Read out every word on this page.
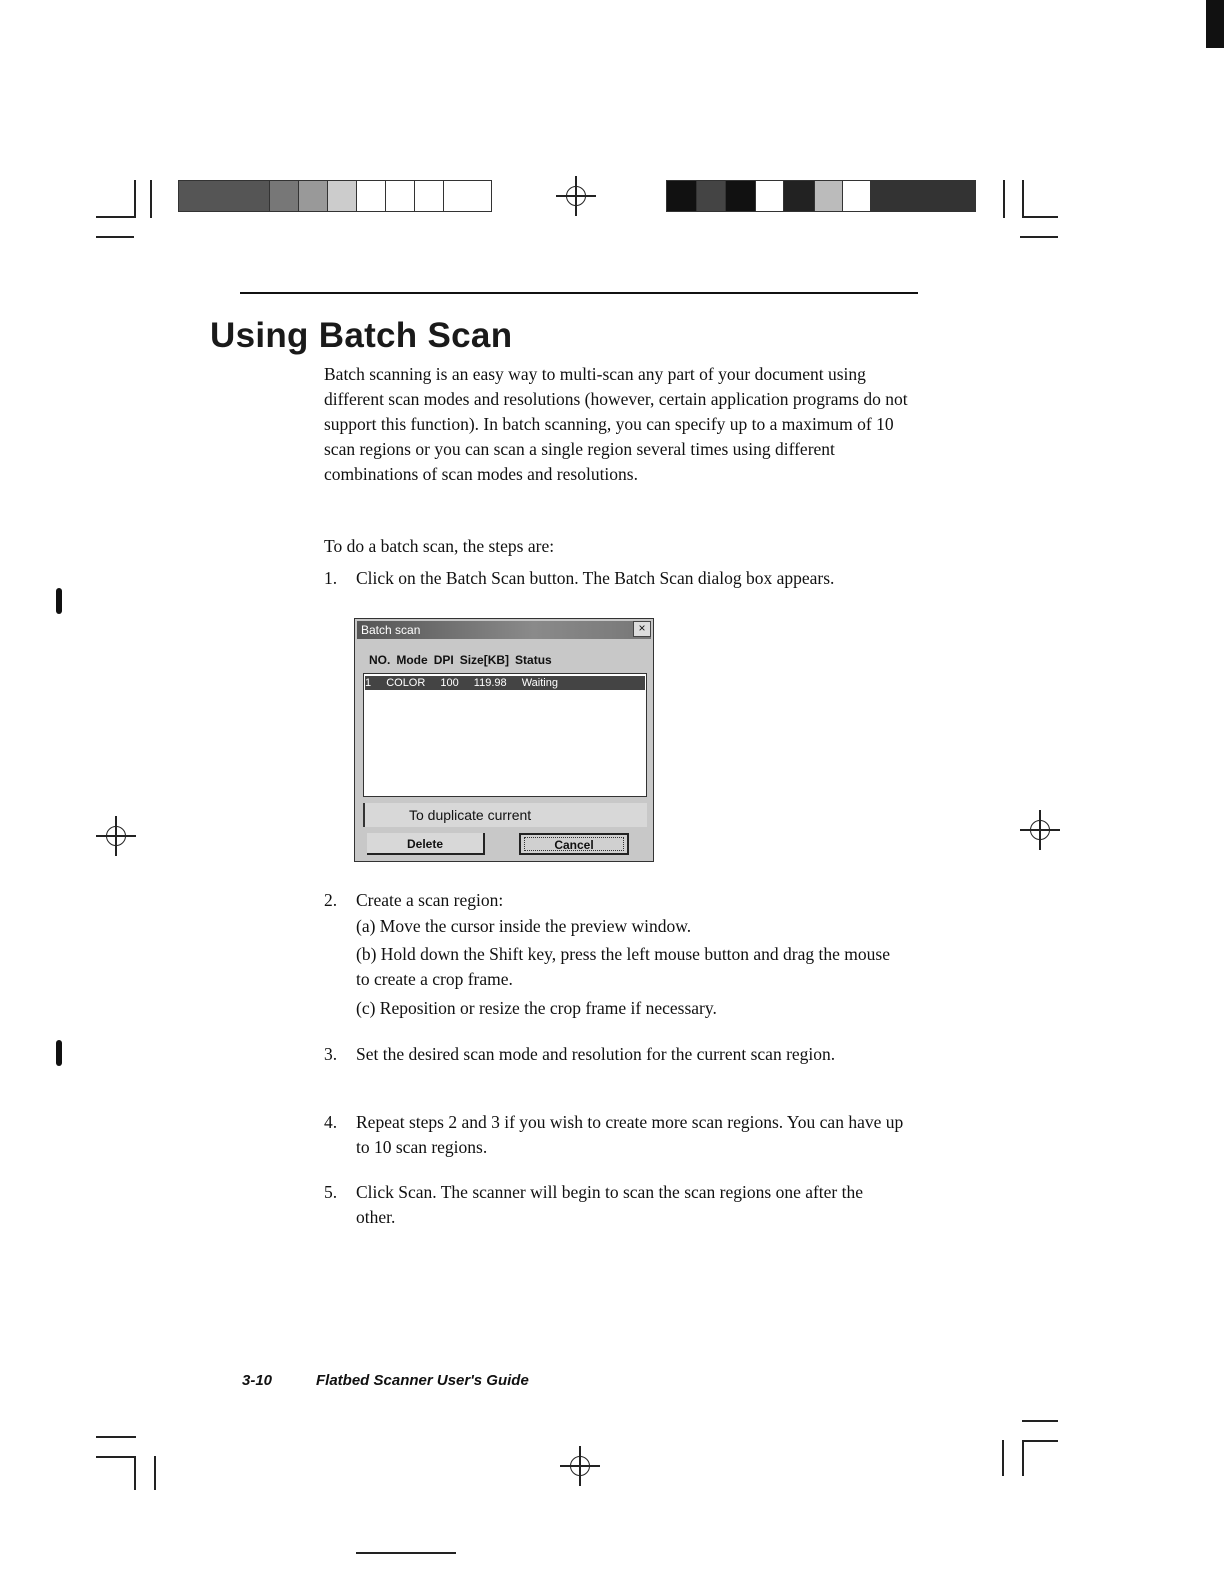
Using Batch Scan
Batch scanning is an easy way to multi-scan any part of your document using different scan modes and resolutions (however, certain application programs do not support this function). In batch scanning, you can specify up to a maximum of 10 scan regions or you can scan a single region several times using different combinations of scan modes and resolutions.
To do a batch scan, the steps are:
1.	Click on the Batch Scan button. The Batch Scan dialog box appears.
Batch scan	×
NO. Mode DPI Size[KB] Status
1 COLOR 100 119.98 Waiting
To duplicate current
Delete	Cancel
2.	Create a scan region:
(a) Move the cursor inside the preview window.
(b) Hold down the Shift key, press the left mouse button and drag the mouse to create a crop frame.
(c) Reposition or resize the crop frame if necessary.
3.	Set the desired scan mode and resolution for the current scan region.
4.	Repeat steps 2 and 3 if you wish to create more scan regions. You can have up to 10 scan regions.
5.	Click Scan. The scanner will begin to scan the scan regions one after the other.
3-10	Flatbed Scanner User's Guide
